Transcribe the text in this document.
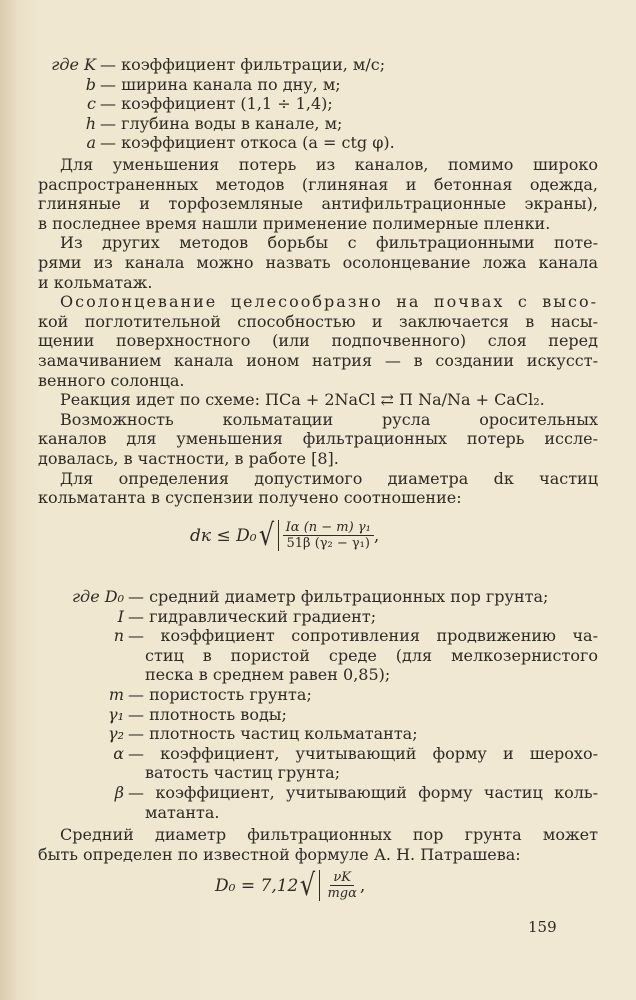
где K — коэффициент фильтрации, м/с;
b — ширина канала по дну, м;
c — коэффициент (1,1 ÷ 1,4);
h — глубина воды в канале, м;
a — коэффициент откоса (a = ctg φ).
Для уменьшения потерь из каналов, помимо широко
распространенных методов (глиняная и бетонная одежда,
глиняные и торфоземляные антифильтрационные экраны),
в последнее время нашли применение полимерные пленки.
Из других методов борьбы с фильтрационными поте-
рями из канала можно назвать осолонцевание ложа канала
и кольматаж.
Осолонцевание целесообразно на почвах с высо-
кой поглотительной способностью и заключается в насы-
щении поверхностного (или подпочвенного) слоя перед
замачиванием канала ионом натрия — в создании искусст-
венного солонца.
Реакция идет по схеме: ПCa + 2NaCl ⇄ П Na/Na + CaCl₂.
Возможность кольматации русла оросительных
каналов для уменьшения фильтрационных потерь иссле-
довалась, в частности, в работе [8].
Для определения допустимого диаметра dк частиц
кольматанта в суспензии получено соотношение:
dк ≤ D₀ √ $\frac{\text{Iα (n − m) γ₁}}{\text{51β (γ₂ − γ₁)}}$ ,
где D₀ — средний диаметр фильтрационных пор грунта;
I — гидравлический градиент;
n — коэффициент сопротивления продвижению ча-
стиц в пористой среде (для мелкозернистого
песка в среднем равен 0,85);
m — пористость грунта;
γ₁ — плотность воды;
γ₂ — плотность частиц кольматанта;
α — коэффициент, учитывающий форму и шерохо-
ватость частиц грунта;
β — коэффициент, учитывающий форму частиц коль-
матанта.
Средний диаметр фильтрационных пор грунта может
быть определен по известной формуле А. Н. Патрашева:
D₀ = 7,12 √ $\frac{\nu K}{\text{mgα}}$ ,
159
